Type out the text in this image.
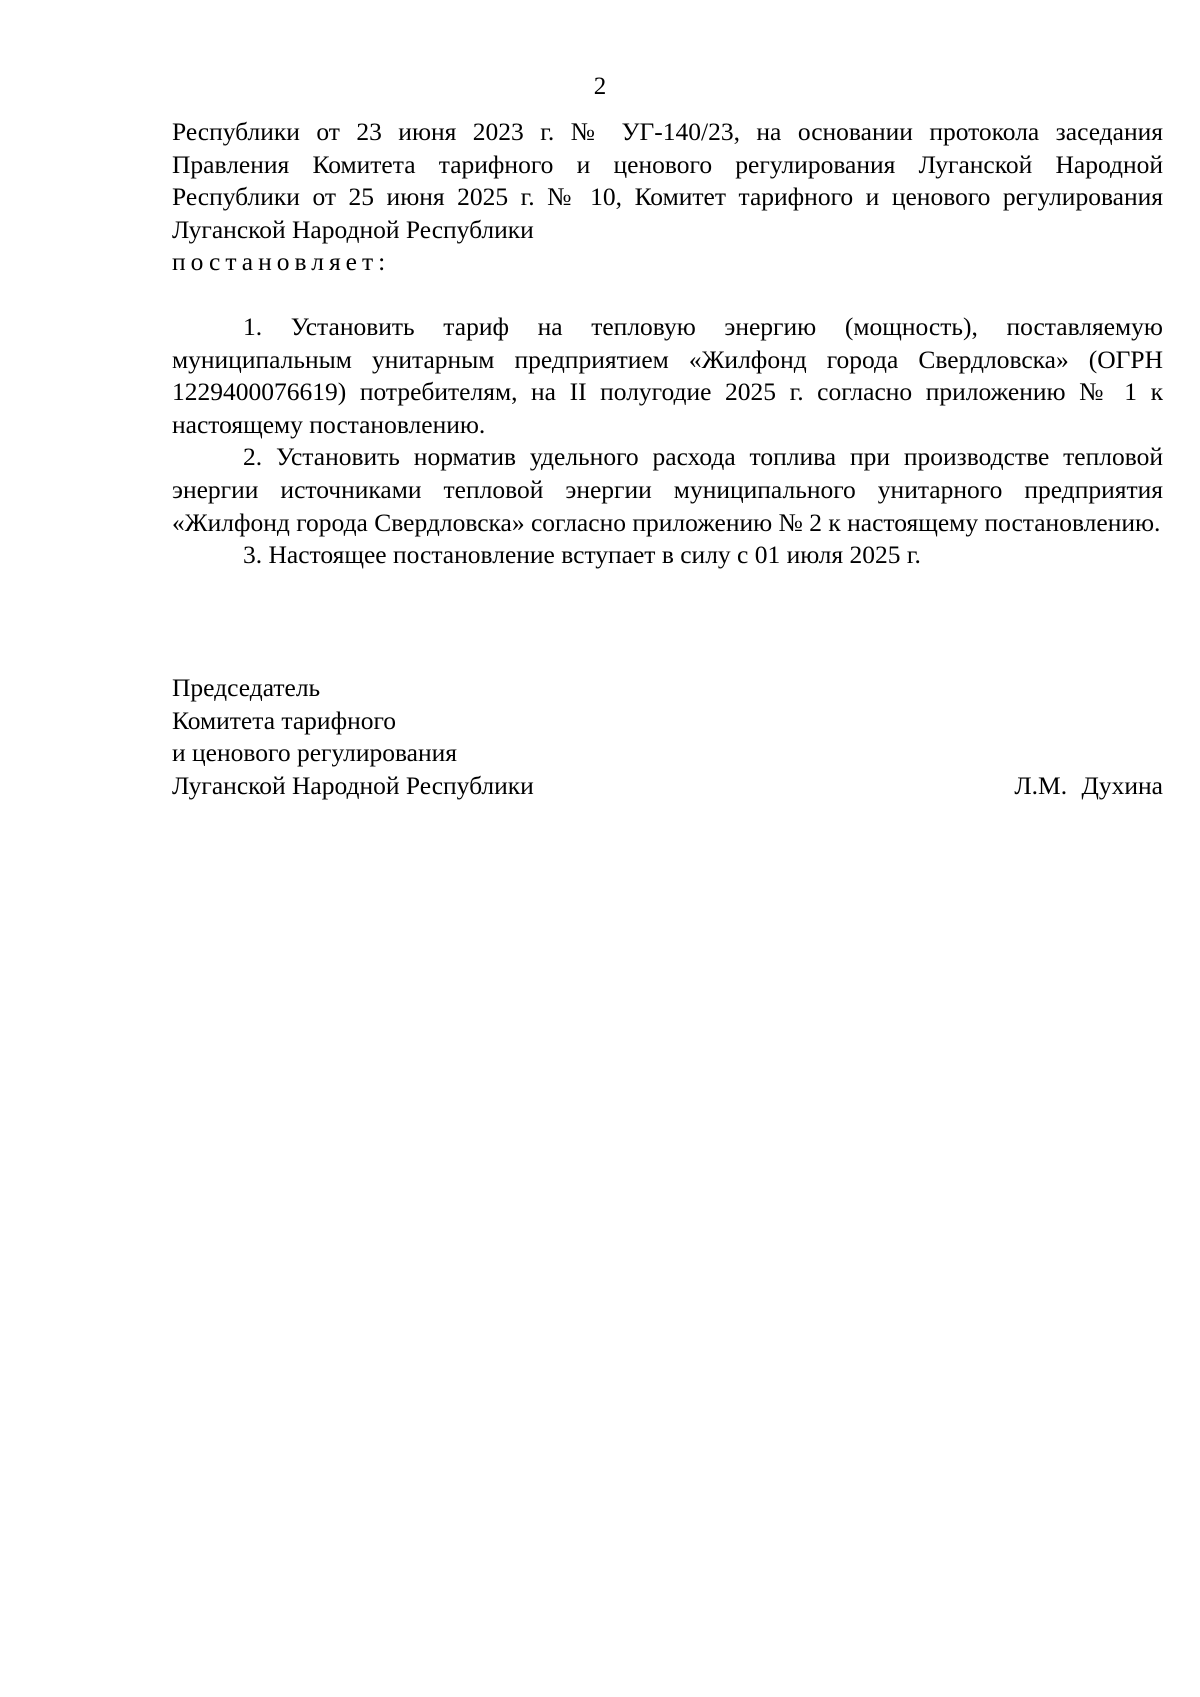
2

Республики от 23 июня 2023 г. № УГ-140/23, на основании протокола заседания Правления Комитета тарифного и ценового регулирования Луганской Народной Республики от 25 июня 2025 г. № 10, Комитет тарифного и ценового регулирования Луганской Народной Республики

постановляет:

1. Установить тариф на тепловую энергию (мощность), поставляемую муниципальным унитарным предприятием «Жилфонд города Свердловска» (ОГРН 1229400076619) потребителям, на II полугодие 2025 г. согласно приложению № 1 к настоящему постановлению.

2. Установить норматив удельного расхода топлива при производстве тепловой энергии источниками тепловой энергии муниципального унитарного предприятия «Жилфонд города Свердловска» согласно приложению № 2 к настоящему постановлению.

3. Настоящее постановление вступает в силу с 01 июля 2025 г.

Председатель
Комитета тарифного
и ценового регулирования
Луганской Народной Республики	Л.М. Духина
